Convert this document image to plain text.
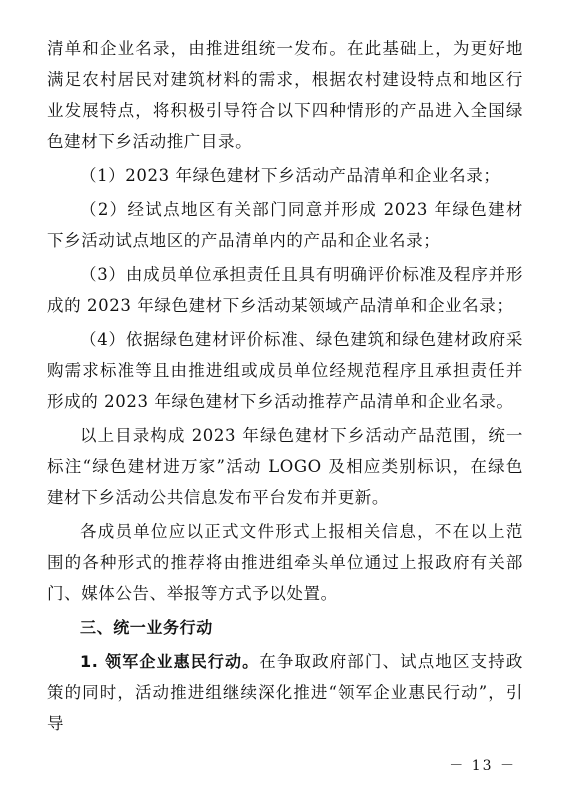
清单和企业名录，由推进组统一发布。在此基础上，为更好地满足农村居民对建筑材料的需求，根据农村建设特点和地区行业发展特点，将积极引导符合以下四种情形的产品进入全国绿色建材下乡活动推广目录。

（1）2023 年绿色建材下乡活动产品清单和企业名录；

（2）经试点地区有关部门同意并形成 2023 年绿色建材下乡活动试点地区的产品清单内的产品和企业名录；

（3）由成员单位承担责任且具有明确评价标准及程序并形成的 2023 年绿色建材下乡活动某领域产品清单和企业名录；

（4）依据绿色建材评价标准、绿色建筑和绿色建材政府采购需求标准等且由推进组或成员单位经规范程序且承担责任并形成的 2023 年绿色建材下乡活动推荐产品清单和企业名录。

以上目录构成 2023 年绿色建材下乡活动产品范围，统一标注“绿色建材进万家”活动 LOGO 及相应类别标识，在绿色建材下乡活动公共信息发布平台发布并更新。

各成员单位应以正式文件形式上报相关信息，不在以上范围的各种形式的推荐将由推进组牵头单位通过上报政府有关部门、媒体公告、举报等方式予以处置。

三、统一业务行动

1. 领军企业惠民行动。在争取政府部门、试点地区支持政策的同时，活动推进组继续深化推进“领军企业惠民行动”，引导

－ 13 －
